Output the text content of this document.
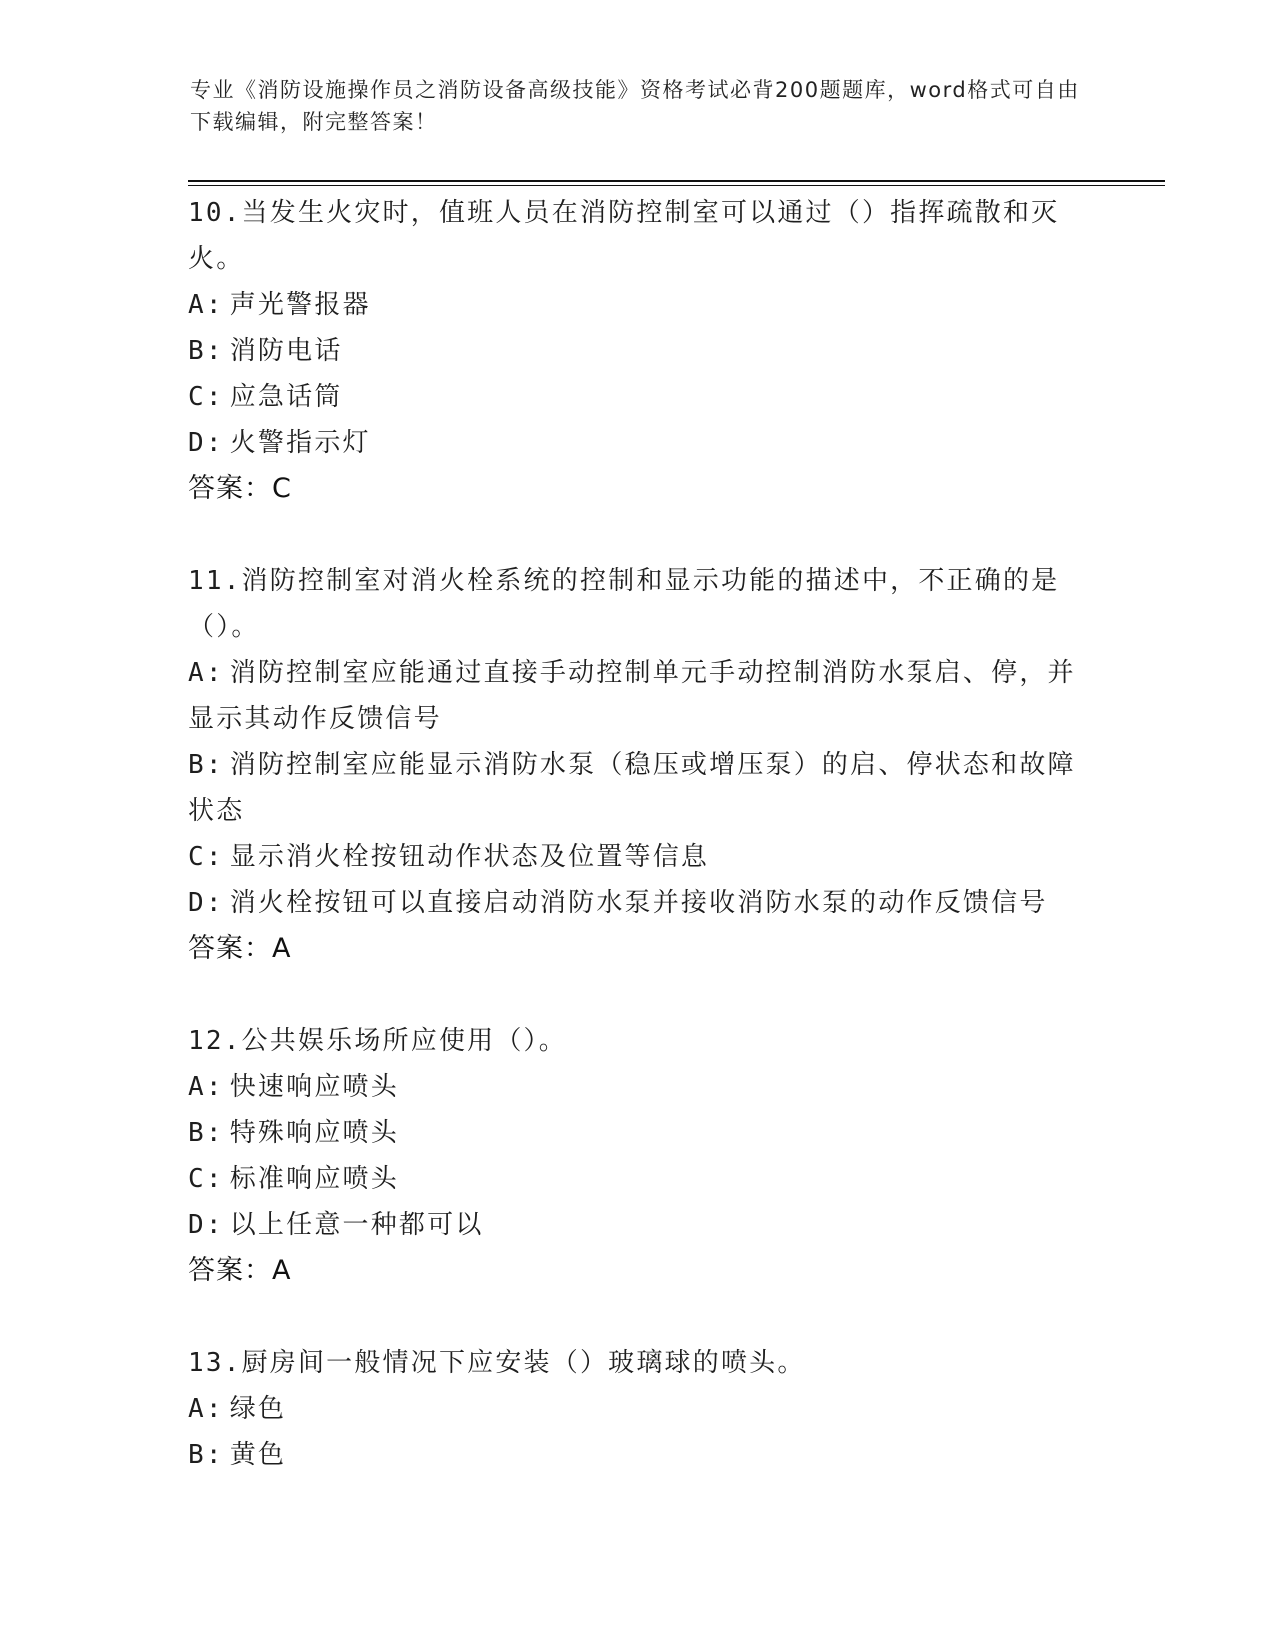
专业《消防设施操作员之消防设备高级技能》资格考试必背200题题库，word格式可自由下载编辑，附完整答案！
10.当发生火灾时，值班人员在消防控制室可以通过（）指挥疏散和灭火。
A: 声光警报器
B: 消防电话
C: 应急话筒
D: 火警指示灯
答案：C
11.消防控制室对消火栓系统的控制和显示功能的描述中，不正确的是（）。
A: 消防控制室应能通过直接手动控制单元手动控制消防水泵启、停，并显示其动作反馈信号
B: 消防控制室应能显示消防水泵（稳压或增压泵）的启、停状态和故障状态
C: 显示消火栓按钮动作状态及位置等信息
D: 消火栓按钮可以直接启动消防水泵并接收消防水泵的动作反馈信号
答案：A
12.公共娱乐场所应使用（）。
A: 快速响应喷头
B: 特殊响应喷头
C: 标准响应喷头
D: 以上任意一种都可以
答案：A
13.厨房间一般情况下应安装（）玻璃球的喷头。
A: 绿色
B: 黄色
